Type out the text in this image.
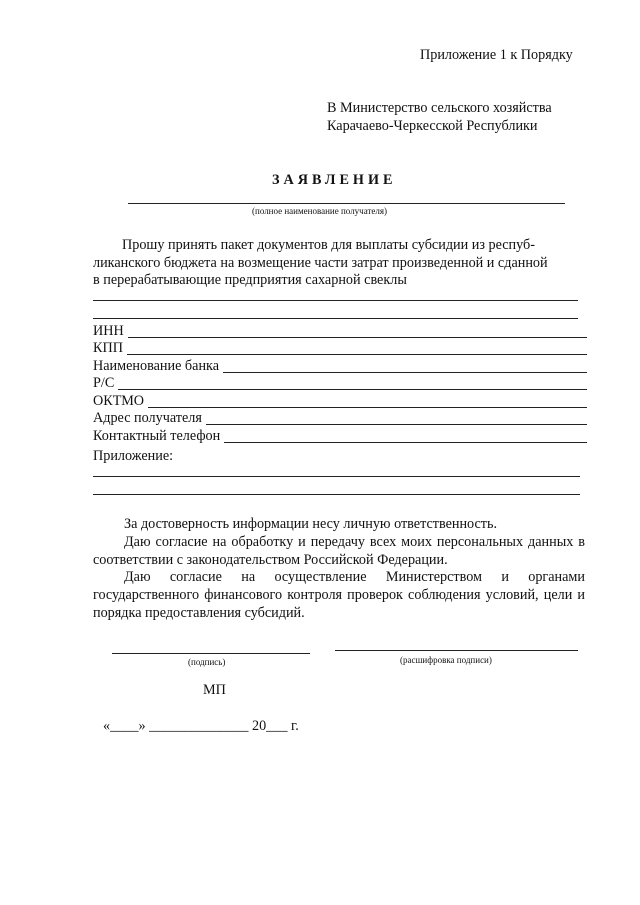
Приложение 1 к Порядку
В Министерство сельского хозяйства
Карачаево-Черкесской Республики
ЗАЯВЛЕНИЕ
(полное наименование получателя)
Прошу принять пакет документов для выплаты субсидии из респуб-
ликанского бюджета на возмещение части затрат произведенной и сданной
в перерабатывающие предприятия сахарной свеклы
ИНН
КПП
Наименование банка
Р/С
ОКТМО
Адрес получателя
Контактный телефон
Приложение:
За достоверность информации несу личную ответственность.
Даю согласие на обработку и передачу всех моих персональных данных в соответствии с законодательством Российской Федерации.
Даю согласие на осуществление Министерством и органами государственного финансового контроля проверок соблюдения условий, цели и порядка предоставления субсидий.
(подпись)	(расшифровка подписи)
МП
«____» ______________ 20___ г.
